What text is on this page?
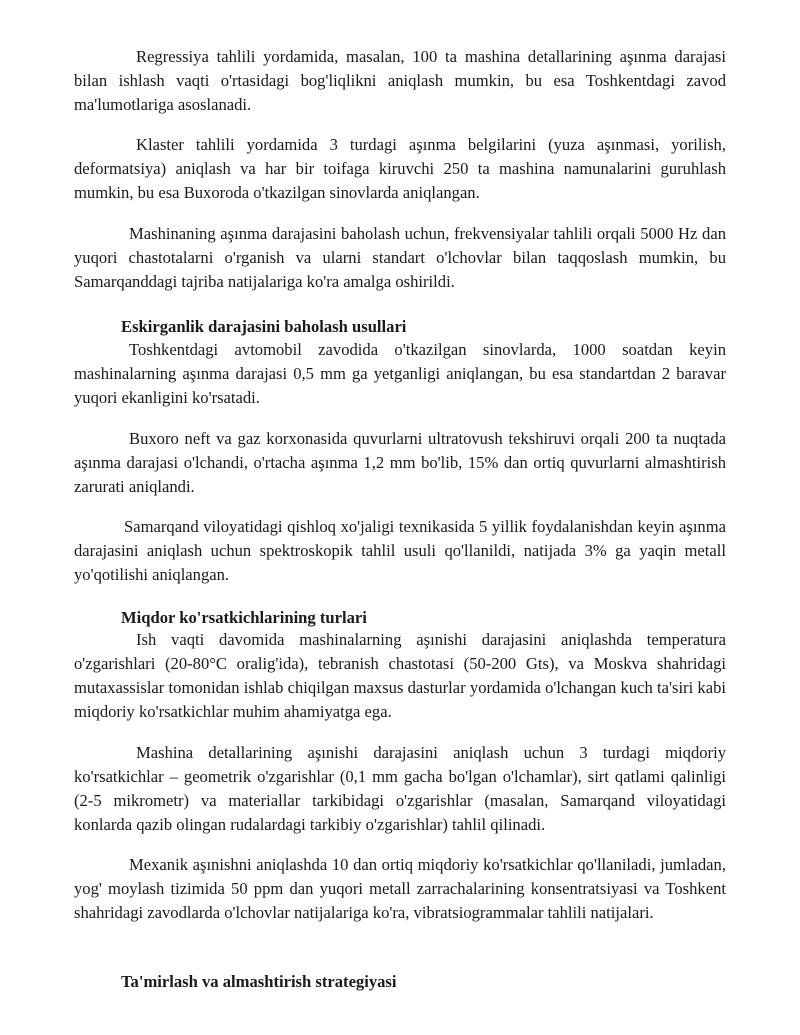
Regressiya tahlili yordamida, masalan, 100 ta mashina detallarining aşınma darajasi bilan ishlash vaqti o'rtasidagi bog'liqlikni aniqlash mumkin, bu esa Toshkentdagi zavod ma'lumotlariga asoslanadi.

Klaster tahlili yordamida 3 turdagi aşınma belgilarini (yuza aşınmasi, yorilish, deformatsiya) aniqlash va har bir toifaga kiruvchi 250 ta mashina namunalarini guruhlash mumkin, bu esa Buxoroda o'tkazilgan sinovlarda aniqlangan.

Mashinaning aşınma darajasini baholash uchun, frekvensiyalar tahlili orqali 5000 Hz dan yuqori chastotalarni o'rganish va ularni standart o'lchovlar bilan taqqoslash mumkin, bu Samarqanddagi tajriba natijalariga ko'ra amalga oshirildi.

Eskirganlik darajasini baholash usullari

Toshkentdagi avtomobil zavodida o'tkazilgan sinovlarda, 1000 soatdan keyin mashinalarning aşınma darajasi 0,5 mm ga yetganligi aniqlangan, bu esa standartdan 2 baravar yuqori ekanligini ko'rsatadi.

Buxoro neft va gaz korxonasida quvurlarni ultratovush tekshiruvi orqali 200 ta nuqtada aşınma darajasi o'lchandi, o'rtacha aşınma 1,2 mm bo'lib, 15% dan ortiq quvurlarni almashtirish zarurati aniqlandi.

Samarqand viloyatidagi qishloq xo'jaligi texnikasida 5 yillik foydalanishdan keyin aşınma darajasini aniqlash uchun spektroskopik tahlil usuli qo'llanildi, natijada 3% ga yaqin metall yo'qotilishi aniqlangan.

Miqdor ko'rsatkichlarining turlari

Ish vaqti davomida mashinalarning aşınishi darajasini aniqlashda temperatura o'zgarishlari (20-80°C oralig'ida), tebranish chastotasi (50-200 Gts), va Moskva shahridagi mutaxassislar tomonidan ishlab chiqilgan maxsus dasturlar yordamida o'lchangan kuch ta'siri kabi miqdoriy ko'rsatkichlar muhim ahamiyatga ega.

Mashina detallarining aşınishi darajasini aniqlash uchun 3 turdagi miqdoriy ko'rsatkichlar – geometrik o'zgarishlar (0,1 mm gacha bo'lgan o'lchamlar), sirt qatlami qalinligi (2-5 mikrometr) va materiallar tarkibidagi o'zgarishlar (masalan, Samarqand viloyatidagi konlarda qazib olingan rudalardagi tarkibiy o'zgarishlar) tahlil qilinadi.

Mexanik aşınishni aniqlashda 10 dan ortiq miqdoriy ko'rsatkichlar qo'llaniladi, jumladan, yog' moylash tizimida 50 ppm dan yuqori metall zarrachalarining konsentratsiyasi va Toshkent shahridagi zavodlarda o'lchovlar natijalariga ko'ra, vibratsiogrammalar tahlili natijalari.

Ta'mirlash va almashtirish strategiyasi
